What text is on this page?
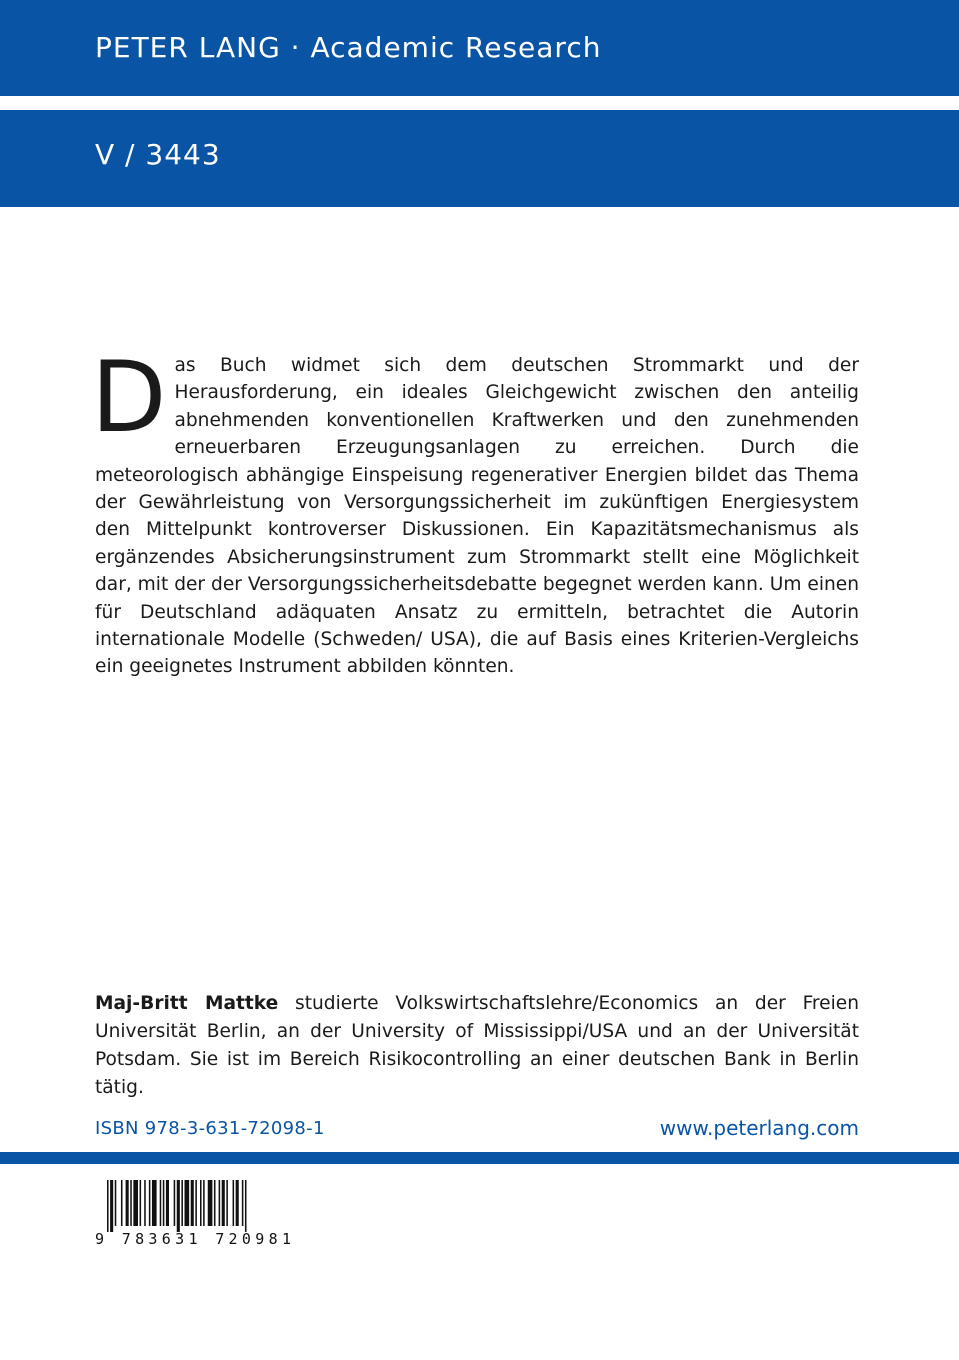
PETER LANG · Academic Research
V / 3443
Das Buch widmet sich dem deutschen Strommarkt und der Herausforderung, ein ideales Gleichgewicht zwischen den anteilig abnehmenden konventionellen Kraftwerken und den zunehmenden erneuerbaren Erzeugungsanlagen zu erreichen. Durch die meteorologisch abhängige Einspeisung regenerativer Energien bildet das Thema der Gewährleistung von Versorgungssicherheit im zukünftigen Energiesystem den Mittelpunkt kontroverser Diskussionen. Ein Kapazitätsmechanismus als ergänzendes Absicherungsinstrument zum Strommarkt stellt eine Möglichkeit dar, mit der der Versorgungssicherheitsdebatte begegnet werden kann. Um einen für Deutschland adäquaten Ansatz zu ermitteln, betrachtet die Autorin internationale Modelle (Schweden/ USA), die auf Basis eines Kriterien-Vergleichs ein geeignetes Instrument abbilden könnten.
Maj-Britt Mattke studierte Volkswirtschaftslehre/Economics an der Freien Universität Berlin, an der University of Mississippi/USA und an der Universität Potsdam. Sie ist im Bereich Risikocontrolling an einer deutschen Bank in Berlin tätig.
ISBN 978-3-631-72098-1	www.peterlang.com
9 783631 720981
